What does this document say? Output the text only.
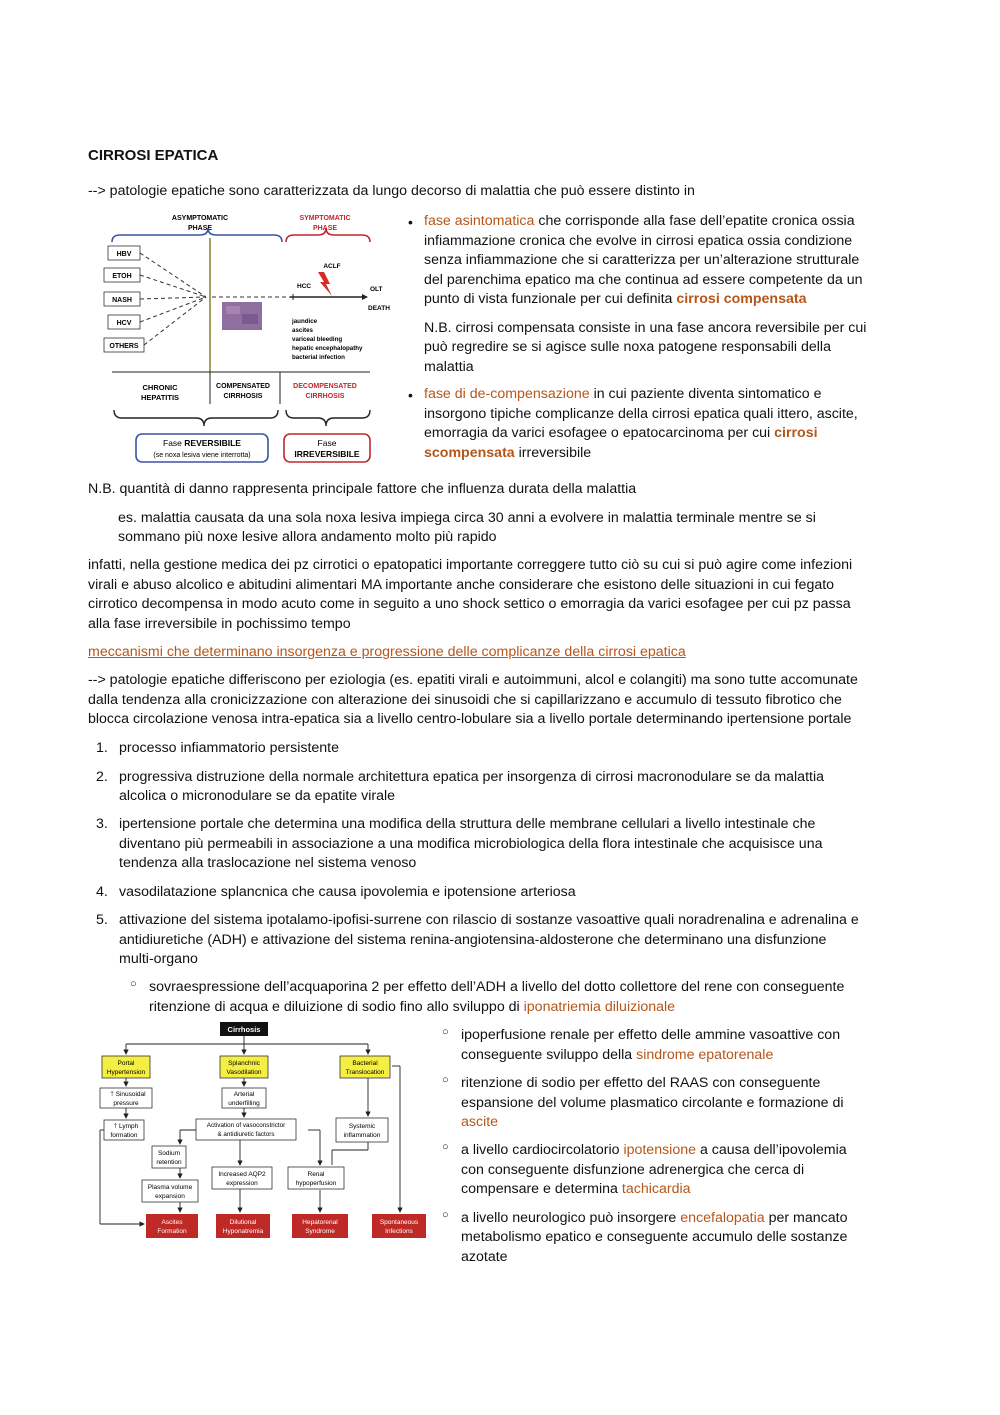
CIRROSI EPATICA
--> patologie epatiche sono caratterizzata da lungo decorso di malattia che può essere distinto in
ASYMPTOMATIC
PHASE
SYMPTOMATIC
PHASE
HBV
ETOH
NASH
HCV
OTHERS
HCC
ACLF
OLT
DEATH
jaundice
ascites
variceal bleeding
hepatic encephalopathy
bacterial infection
CHRONIC
HEPATITIS
COMPENSATED
CIRRHOSIS
DECOMPENSATED
CIRRHOSIS
Fase REVERSIBILE
(se noxa lesiva viene interrotta)
Fase
IRREVERSIBILE
• fase asintomatica che corrisponde alla fase dell’epatite cronica ossia
infiammazione cronica che evolve in cirrosi epatica ossia condizione
senza infiammazione che si caratterizza per un’alterazione strutturale
del parenchima epatico ma che continua ad essere competente da un
punto di vista funzionale per cui definita cirrosi compensata
N.B. cirrosi compensata consiste in una fase ancora reversibile per cui
può regredire se si agisce sulle noxa patogene responsabili della
malattia
• fase di de-compensazione in cui paziente diventa sintomatico e
insorgono tipiche complicanze della cirrosi epatica quali ittero, ascite,
emorragia da varici esofagee o epatocarcinoma per cui cirrosi
scompensata irreversibile
N.B. quantità di danno rappresenta principale fattore che influenza durata della malattia
es. malattia causata da una sola noxa lesiva impiega circa 30 anni a evolvere in malattia terminale mentre se si
sommano più noxe lesive allora andamento molto più rapido
infatti, nella gestione medica dei pz cirrotici o epatopatici importante correggere tutto ciò su cui si può agire come infezioni
virali e abuso alcolico e abitudini alimentari MA importante anche considerare che esistono delle situazioni in cui fegato
cirrotico decompensa in modo acuto come in seguito a uno shock settico o emorragia da varici esofagee per cui pz passa
alla fase irreversibile in pochissimo tempo
meccanismi che determinano insorgenza e progressione delle complicanze della cirrosi epatica
--> patologie epatiche differiscono per eziologia (es. epatiti virali e autoimmuni, alcol e colangiti) ma sono tutte accomunate
dalla tendenza alla cronicizzazione con alterazione dei sinusoidi che si capillarizzano e accumulo di tessuto fibrotico che
blocca circolazione venosa intra-epatica sia a livello centro-lobulare sia a livello portale determinando ipertensione portale
1. processo infiammatorio persistente
2. progressiva distruzione della normale architettura epatica per insorgenza di cirrosi macronodulare se da malattia
alcolica o micronodulare se da epatite virale
3. ipertensione portale che determina una modifica della struttura delle membrane cellulari a livello intestinale che
diventano più permeabili in associazione a una modifica microbiologica della flora intestinale che acquisisce una
tendenza alla traslocazione nel sistema venoso
4. vasodilatazione splancnica che causa ipovolemia e ipotensione arteriosa
5. attivazione del sistema ipotalamo-ipofisi-surrene con rilascio di sostanze vasoattive quali noradrenalina e adrenalina e
antidiuretiche (ADH) e attivazione del sistema renina-angiotensina-aldosterone che determinano una disfunzione
multi-organo
○ sovraespressione dell’acquaporina 2 per effetto dell’ADH a livello del dotto collettore del rene con conseguente
ritenzione di acqua e diluizione di sodio fino allo sviluppo di iponatriemia diluizionale
○ ipoperfusione renale per effetto delle ammine vasoattive con
conseguente sviluppo della sindrome epatorenale
○ ritenzione di sodio per effetto del RAAS con conseguente
espansione del volume plasmatico circolante e formazione di
ascite
○ a livello cardiocircolatorio ipotensione a causa dell’ipovolemia
con conseguente disfunzione adrenergica che cerca di
compensare e determina tachicardia
○ a livello neurologico può insorgere encefalopatia per mancato
metabolismo epatico e conseguente accumulo delle sostanze
azotate
Cirrhosis
Portal
Hypertension
Splanchnic
Vasodilation
Bacterial
Translocation
🡑 Sinusoidal
pressure
Arterial
underfilling
🡑 Lymph
formation
Activation of vasoconstrictor
& antidiuretic factors
Systemic
inflammation
Sodium
retention
Increased AQP2
expression
Renal
hypoperfusion
Plasma volume
expansion
Ascites
Formation
Dilutional
Hyponatremia
Hepatorenal
Syndrome
Spontaneous
Infections
